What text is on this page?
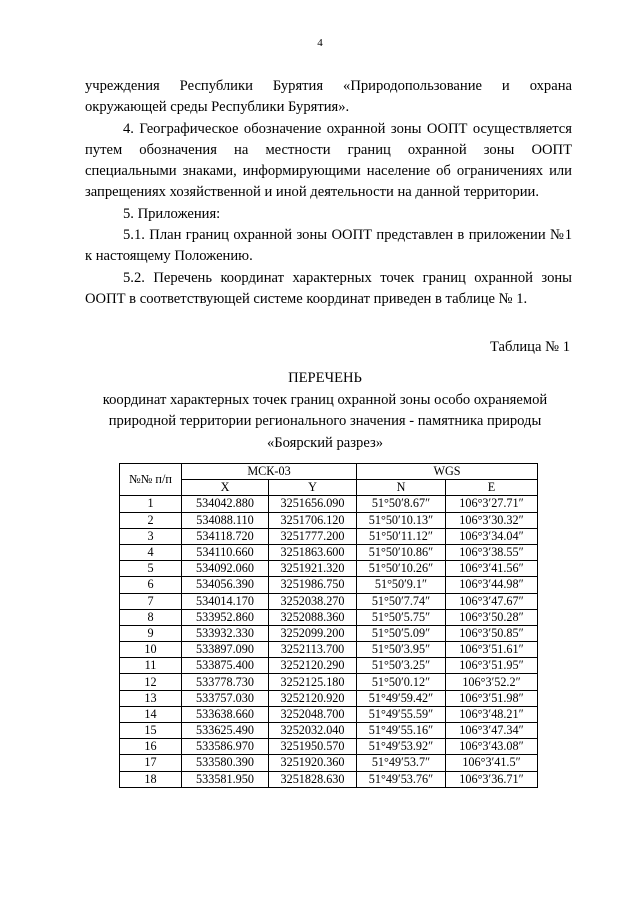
4

учреждения Республики Бурятия «Природопользование и охрана окружающей среды Республики Бурятия».

4. Географическое обозначение охранной зоны ООПТ осуществляется путем обозначения на местности границ охранной зоны ООПТ специальными знаками, информирующими население об ограничениях или запрещениях хозяйственной и иной деятельности на данной территории.

5. Приложения:

5.1. План границ охранной зоны ООПТ представлен в приложении №1 к настоящему Положению.

5.2. Перечень координат характерных точек границ охранной зоны ООПТ в соответствующей системе координат приведен в таблице № 1.

Таблица № 1
ПЕРЕЧЕНЬ
координат характерных точек границ охранной зоны особо охраняемой
природной территории регионального значения - памятника природы
«Боярский разрез»
№№ п/п	МСК-03		WGS	
	X	Y	N	E
1	534042.880	3251656.090	51°50′8.67″	106°3′27.71″
2	534088.110	3251706.120	51°50′10.13″	106°3′30.32″
3	534118.720	3251777.200	51°50′11.12″	106°3′34.04″
4	534110.660	3251863.600	51°50′10.86″	106°3′38.55″
5	534092.060	3251921.320	51°50′10.26″	106°3′41.56″
6	534056.390	3251986.750	51°50′9.1″	106°3′44.98″
7	534014.170	3252038.270	51°50′7.74″	106°3′47.67″
8	533952.860	3252088.360	51°50′5.75″	106°3′50.28″
9	533932.330	3252099.200	51°50′5.09″	106°3′50.85″
10	533897.090	3252113.700	51°50′3.95″	106°3′51.61″
11	533875.400	3252120.290	51°50′3.25″	106°3′51.95″
12	533778.730	3252125.180	51°50′0.12″	106°3′52.2″
13	533757.030	3252120.920	51°49′59.42″	106°3′51.98″
14	533638.660	3252048.700	51°49′55.59″	106°3′48.21″
15	533625.490	3252032.040	51°49′55.16″	106°3′47.34″
16	533586.970	3251950.570	51°49′53.92″	106°3′43.08″
17	533580.390	3251920.360	51°49′53.7″	106°3′41.5″
18	533581.950	3251828.630	51°49′53.76″	106°3′36.71″
